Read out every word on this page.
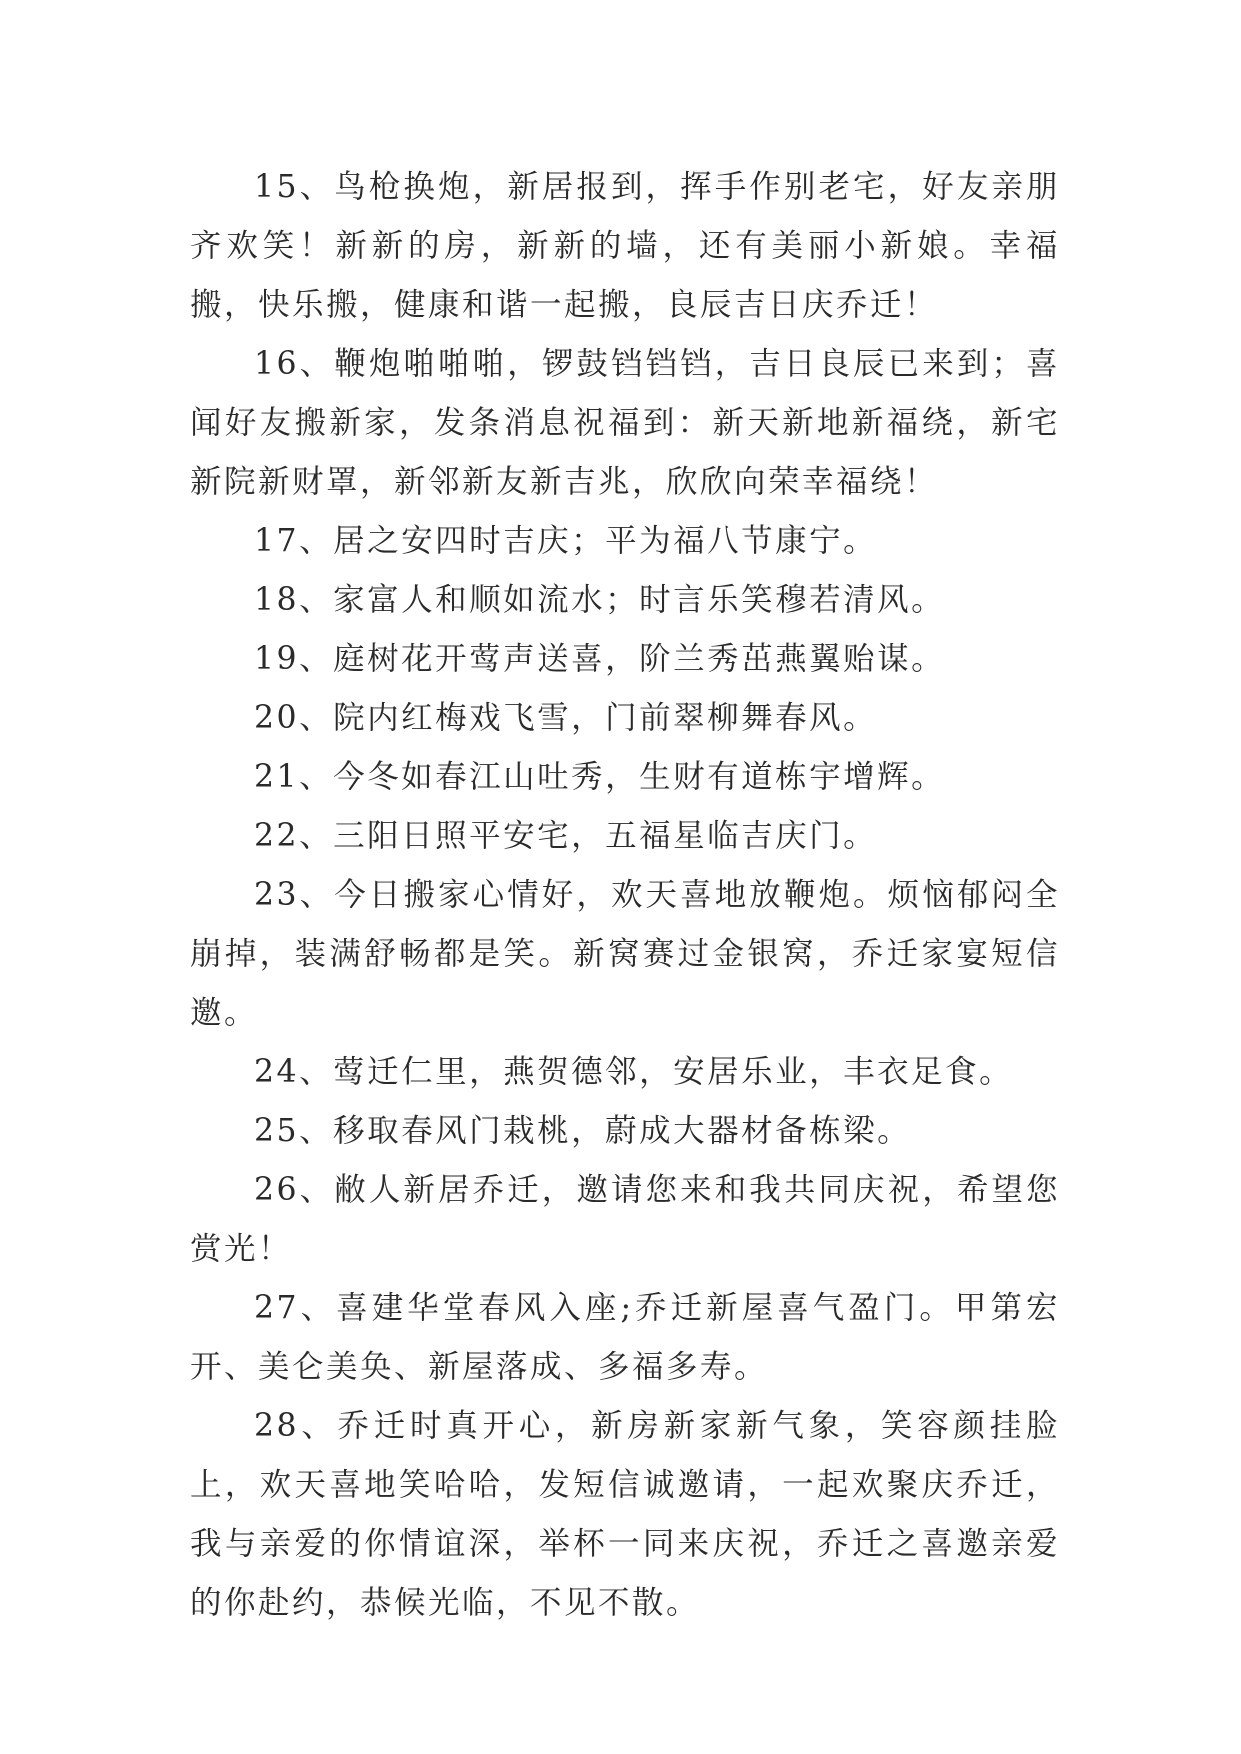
15、鸟枪换炮，新居报到，挥手作别老宅，好友亲朋齐欢笑！新新的房，新新的墙，还有美丽小新娘。幸福搬，快乐搬，健康和谐一起搬，良辰吉日庆乔迁！

16、鞭炮啪啪啪，锣鼓铛铛铛，吉日良辰已来到；喜闻好友搬新家，发条消息祝福到：新天新地新福绕，新宅新院新财罩，新邻新友新吉兆，欣欣向荣幸福绕！

17、居之安四时吉庆；平为福八节康宁。

18、家富人和顺如流水；时言乐笑穆若清风。

19、庭树花开莺声送喜，阶兰秀茁燕翼贻谋。

20、院内红梅戏飞雪，门前翠柳舞春风。

21、今冬如春江山吐秀，生财有道栋宇增辉。

22、三阳日照平安宅，五福星临吉庆门。

23、今日搬家心情好，欢天喜地放鞭炮。烦恼郁闷全崩掉，装满舒畅都是笑。新窝赛过金银窝，乔迁家宴短信邀。

24、莺迁仁里，燕贺德邻，安居乐业，丰衣足食。

25、移取春风门栽桃，蔚成大器材备栋梁。

26、敝人新居乔迁，邀请您来和我共同庆祝，希望您赏光！

27、喜建华堂春风入座;乔迁新屋喜气盈门。甲第宏开、美仑美奂、新屋落成、多福多寿。

28、乔迁时真开心，新房新家新气象，笑容颜挂脸上，欢天喜地笑哈哈，发短信诚邀请，一起欢聚庆乔迁，我与亲爱的你情谊深，举杯一同来庆祝，乔迁之喜邀亲爱的你赴约，恭候光临，不见不散。
